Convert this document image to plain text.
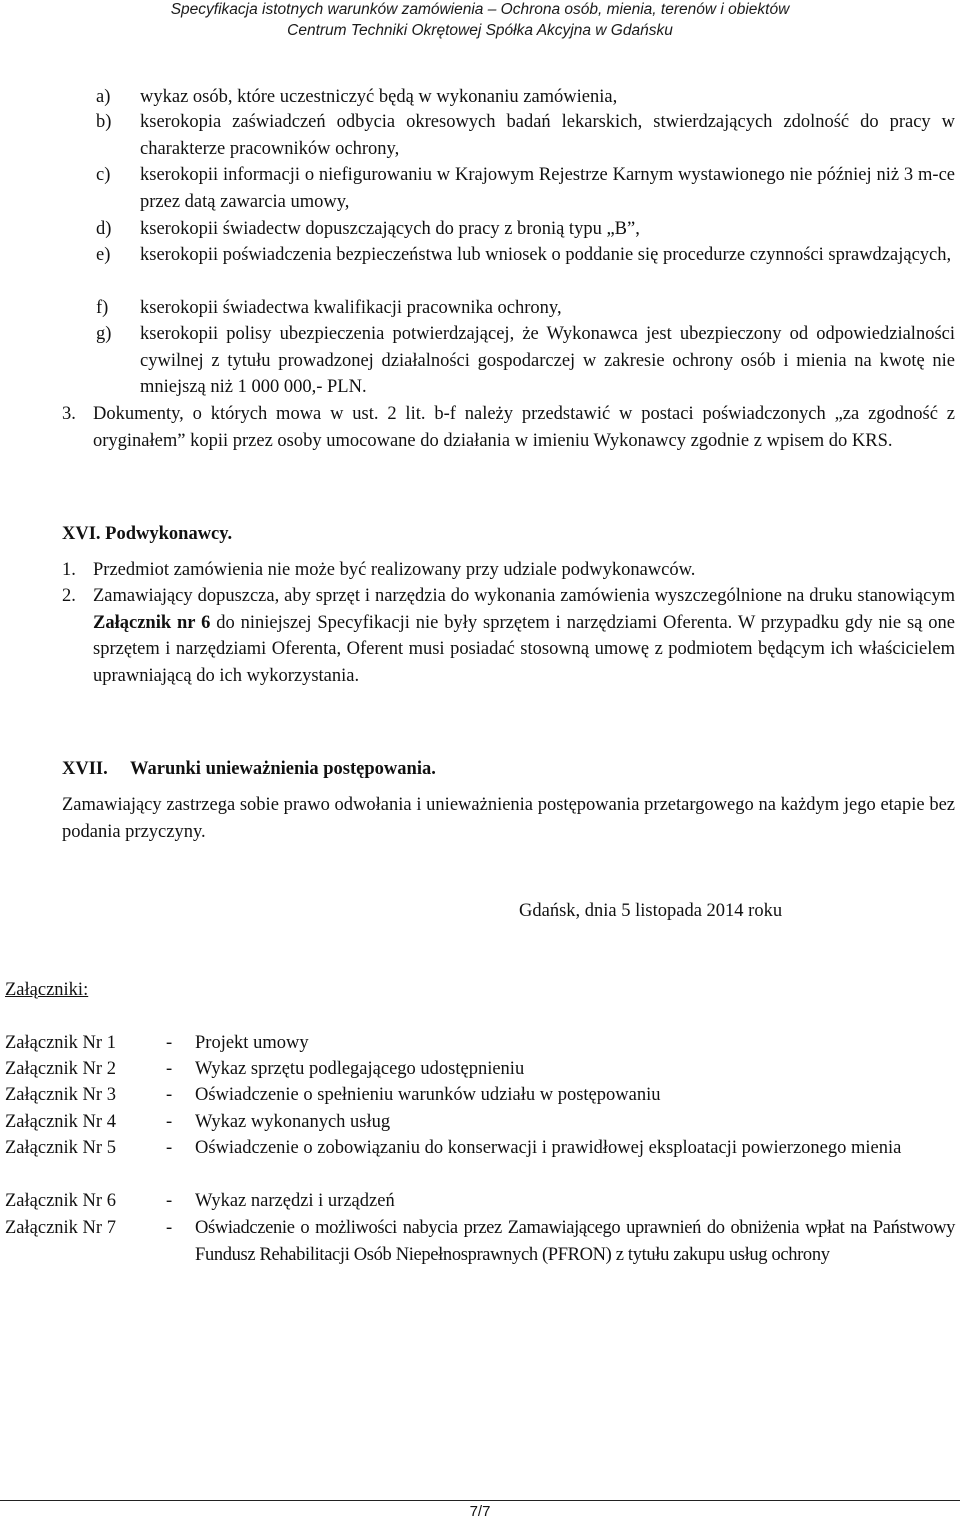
Specyfikacja istotnych warunków zamówienia – Ochrona osób, mienia, terenów i obiektów
Centrum Techniki Okrętowej Spółka Akcyjna w Gdańsku
a) wykaz osób, które uczestniczyć będą w wykonaniu zamówienia,
b) kserokopia zaświadczeń odbycia okresowych badań lekarskich, stwierdzających zdolność do pracy w charakterze pracowników ochrony,
c) kserokopii informacji o niefigurowaniu w Krajowym Rejestrze Karnym wystawionego nie później niż 3 m-ce przez datą zawarcia umowy,
d) kserokopii świadectw dopuszczających do pracy z bronią typu „B”,
e) kserokopii poświadczenia bezpieczeństwa lub wniosek o poddanie się procedurze czynności sprawdzających,
f) kserokopii świadectwa kwalifikacji pracownika ochrony,
g) kserokopii polisy ubezpieczenia potwierdzającej, że Wykonawca jest ubezpieczony od odpowiedzialności cywilnej z tytułu prowadzonej działalności gospodarczej w zakresie ochrony osób i mienia na kwotę nie mniejszą niż 1 000 000,- PLN.
3. Dokumenty, o których mowa w ust. 2 lit. b-f należy przedstawić w postaci poświadczonych „za zgodność z oryginałem” kopii przez osoby umocowane do działania w imieniu Wykonawcy zgodnie z wpisem do KRS.
XVI. Podwykonawcy.
1. Przedmiot zamówienia nie może być realizowany przy udziale podwykonawców.
2. Zamawiający dopuszcza, aby sprzęt i narzędzia do wykonania zamówienia wyszczególnione na druku stanowiącym Załącznik nr 6 do niniejszej Specyfikacji nie były sprzętem i narzędziami Oferenta. W przypadku gdy nie są one sprzętem i narzędziami Oferenta, Oferent musi posiadać stosowną umowę z podmiotem będącym ich właścicielem uprawniającą do ich wykorzystania.
XVII. Warunki unieważnienia postępowania.
Zamawiający zastrzega sobie prawo odwołania i unieważnienia postępowania przetargowego na każdym jego etapie bez podania przyczyny.
Gdańsk, dnia 5 listopada 2014 roku
Załączniki:
Załącznik Nr 1	- Projekt umowy
Załącznik Nr 2	- Wykaz sprzętu podlegającego udostępnieniu
Załącznik Nr 3	- Oświadczenie o spełnieniu warunków udziału w postępowaniu
Załącznik Nr 4	- Wykaz wykonanych usług
Załącznik Nr 5	- Oświadczenie o zobowiązaniu do konserwacji i prawidłowej eksploatacji powierzonego mienia
Załącznik Nr 6	- Wykaz narzędzi i urządzeń
Załącznik Nr 7	- Oświadczenie o możliwości nabycia przez Zamawiającego uprawnień do obniżenia wpłat na Państwowy Fundusz Rehabilitacji Osób Niepełnosprawnych (PFRON) z tytułu zakupu usług ochrony
7/7
